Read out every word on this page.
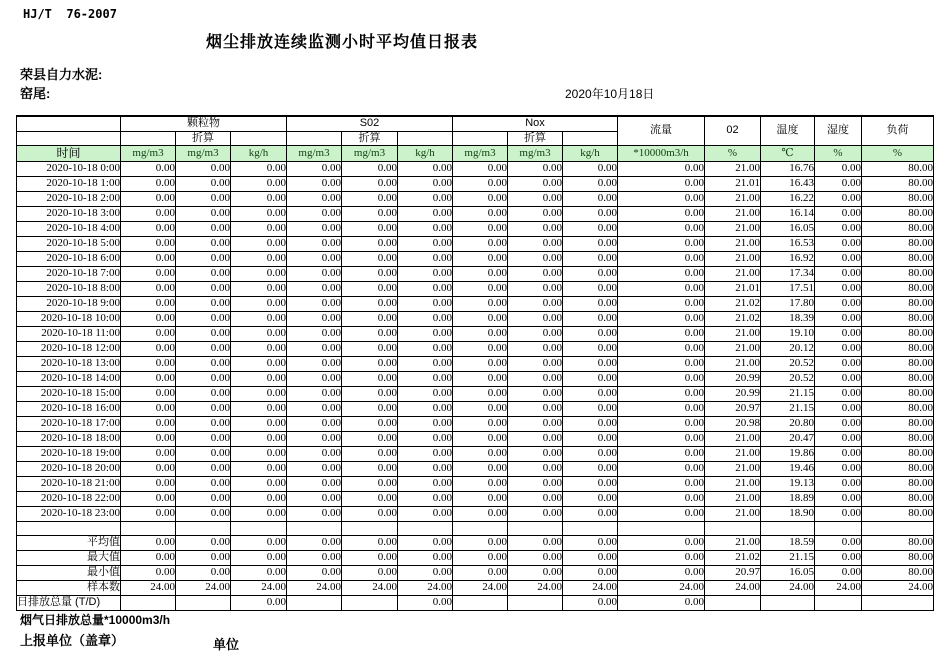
HJ/T  76-2007
烟尘排放连续监测小时平均值日报表
荣县自力水泥:
窑尾:	2020年10月18日
	颗粒物			S02			Nox			流量	02	温度	湿度	负荷
		折算			折算			折算						
时间	mg/m3	mg/m3	kg/h	mg/m3	mg/m3	kg/h	mg/m3	mg/m3	kg/h	*10000m3/h	%	℃	%	%
2020-10-18 0:00	0.00	0.00	0.00	0.00	0.00	0.00	0.00	0.00	0.00	0.00	21.00	16.76	0.00	80.00
2020-10-18 1:00	0.00	0.00	0.00	0.00	0.00	0.00	0.00	0.00	0.00	0.00	21.01	16.43	0.00	80.00
2020-10-18 2:00	0.00	0.00	0.00	0.00	0.00	0.00	0.00	0.00	0.00	0.00	21.00	16.22	0.00	80.00
2020-10-18 3:00	0.00	0.00	0.00	0.00	0.00	0.00	0.00	0.00	0.00	0.00	21.00	16.14	0.00	80.00
2020-10-18 4:00	0.00	0.00	0.00	0.00	0.00	0.00	0.00	0.00	0.00	0.00	21.00	16.05	0.00	80.00
2020-10-18 5:00	0.00	0.00	0.00	0.00	0.00	0.00	0.00	0.00	0.00	0.00	21.00	16.53	0.00	80.00
2020-10-18 6:00	0.00	0.00	0.00	0.00	0.00	0.00	0.00	0.00	0.00	0.00	21.00	16.92	0.00	80.00
2020-10-18 7:00	0.00	0.00	0.00	0.00	0.00	0.00	0.00	0.00	0.00	0.00	21.00	17.34	0.00	80.00
2020-10-18 8:00	0.00	0.00	0.00	0.00	0.00	0.00	0.00	0.00	0.00	0.00	21.01	17.51	0.00	80.00
2020-10-18 9:00	0.00	0.00	0.00	0.00	0.00	0.00	0.00	0.00	0.00	0.00	21.02	17.80	0.00	80.00
2020-10-18 10:00	0.00	0.00	0.00	0.00	0.00	0.00	0.00	0.00	0.00	0.00	21.02	18.39	0.00	80.00
2020-10-18 11:00	0.00	0.00	0.00	0.00	0.00	0.00	0.00	0.00	0.00	0.00	21.00	19.10	0.00	80.00
2020-10-18 12:00	0.00	0.00	0.00	0.00	0.00	0.00	0.00	0.00	0.00	0.00	21.00	20.12	0.00	80.00
2020-10-18 13:00	0.00	0.00	0.00	0.00	0.00	0.00	0.00	0.00	0.00	0.00	21.00	20.52	0.00	80.00
2020-10-18 14:00	0.00	0.00	0.00	0.00	0.00	0.00	0.00	0.00	0.00	0.00	20.99	20.52	0.00	80.00
2020-10-18 15:00	0.00	0.00	0.00	0.00	0.00	0.00	0.00	0.00	0.00	0.00	20.99	21.15	0.00	80.00
2020-10-18 16:00	0.00	0.00	0.00	0.00	0.00	0.00	0.00	0.00	0.00	0.00	20.97	21.15	0.00	80.00
2020-10-18 17:00	0.00	0.00	0.00	0.00	0.00	0.00	0.00	0.00	0.00	0.00	20.98	20.80	0.00	80.00
2020-10-18 18:00	0.00	0.00	0.00	0.00	0.00	0.00	0.00	0.00	0.00	0.00	21.00	20.47	0.00	80.00
2020-10-18 19:00	0.00	0.00	0.00	0.00	0.00	0.00	0.00	0.00	0.00	0.00	21.00	19.86	0.00	80.00
2020-10-18 20:00	0.00	0.00	0.00	0.00	0.00	0.00	0.00	0.00	0.00	0.00	21.00	19.46	0.00	80.00
2020-10-18 21:00	0.00	0.00	0.00	0.00	0.00	0.00	0.00	0.00	0.00	0.00	21.00	19.13	0.00	80.00
2020-10-18 22:00	0.00	0.00	0.00	0.00	0.00	0.00	0.00	0.00	0.00	0.00	21.00	18.89	0.00	80.00
2020-10-18 23:00	0.00	0.00	0.00	0.00	0.00	0.00	0.00	0.00	0.00	0.00	21.00	18.90	0.00	80.00

平均值	0.00	0.00	0.00	0.00	0.00	0.00	0.00	0.00	0.00	0.00	21.00	18.59	0.00	80.00
最大值	0.00	0.00	0.00	0.00	0.00	0.00	0.00	0.00	0.00	0.00	21.02	21.15	0.00	80.00
最小值	0.00	0.00	0.00	0.00	0.00	0.00	0.00	0.00	0.00	0.00	20.97	16.05	0.00	80.00
样本数	24.00	24.00	24.00	24.00	24.00	24.00	24.00	24.00	24.00	24.00	24.00	24.00	24.00	24.00
日排放总量 (T/D)			0.00			0.00			0.00	0.00				
烟气日排放总量*10000m3/h
上报单位（盖章）	单位
